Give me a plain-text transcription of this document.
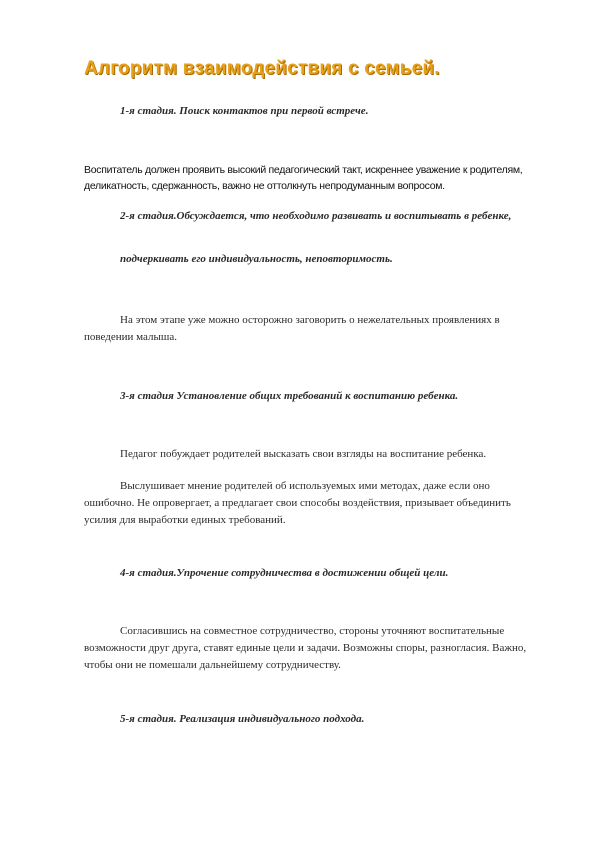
Алгоритм взаимодействия с семьей.
1-я стадия. Поиск контактов при первой встрече.
Воспитатель должен проявить высокий педагогический такт, искреннее уважение к родителям, деликатность, сдержанность, важно не оттолкнуть непродуманным вопросом.
2-я стадия.Обсуждается, что необходимо развивать и воспитывать в ребенке,
подчеркивать его индивидуальность, неповторимость.
На этом этапе уже можно осторожно заговорить о нежелательных проявлениях в поведении малыша.
3-я стадия Установление общих требований к воспитанию ребенка.
Педагог побуждает родителей высказать свои взгляды на воспитание ребенка.
Выслушивает мнение родителей об используемых ими методах, даже если оно ошибочно. Не опровергает, а предлагает свои способы воздействия, призывает объединить усилия для выработки единых требований.
4-я стадия.Упрочение сотрудничества в достижении общей цели.
Согласившись на совместное сотрудничество, стороны уточняют воспитательные возможности друг друга, ставят единые цели и задачи. Возможны споры, разногласия. Важно, чтобы они не помешали дальнейшему сотрудничеству.
5-я стадия. Реализация индивидуального подхода.
